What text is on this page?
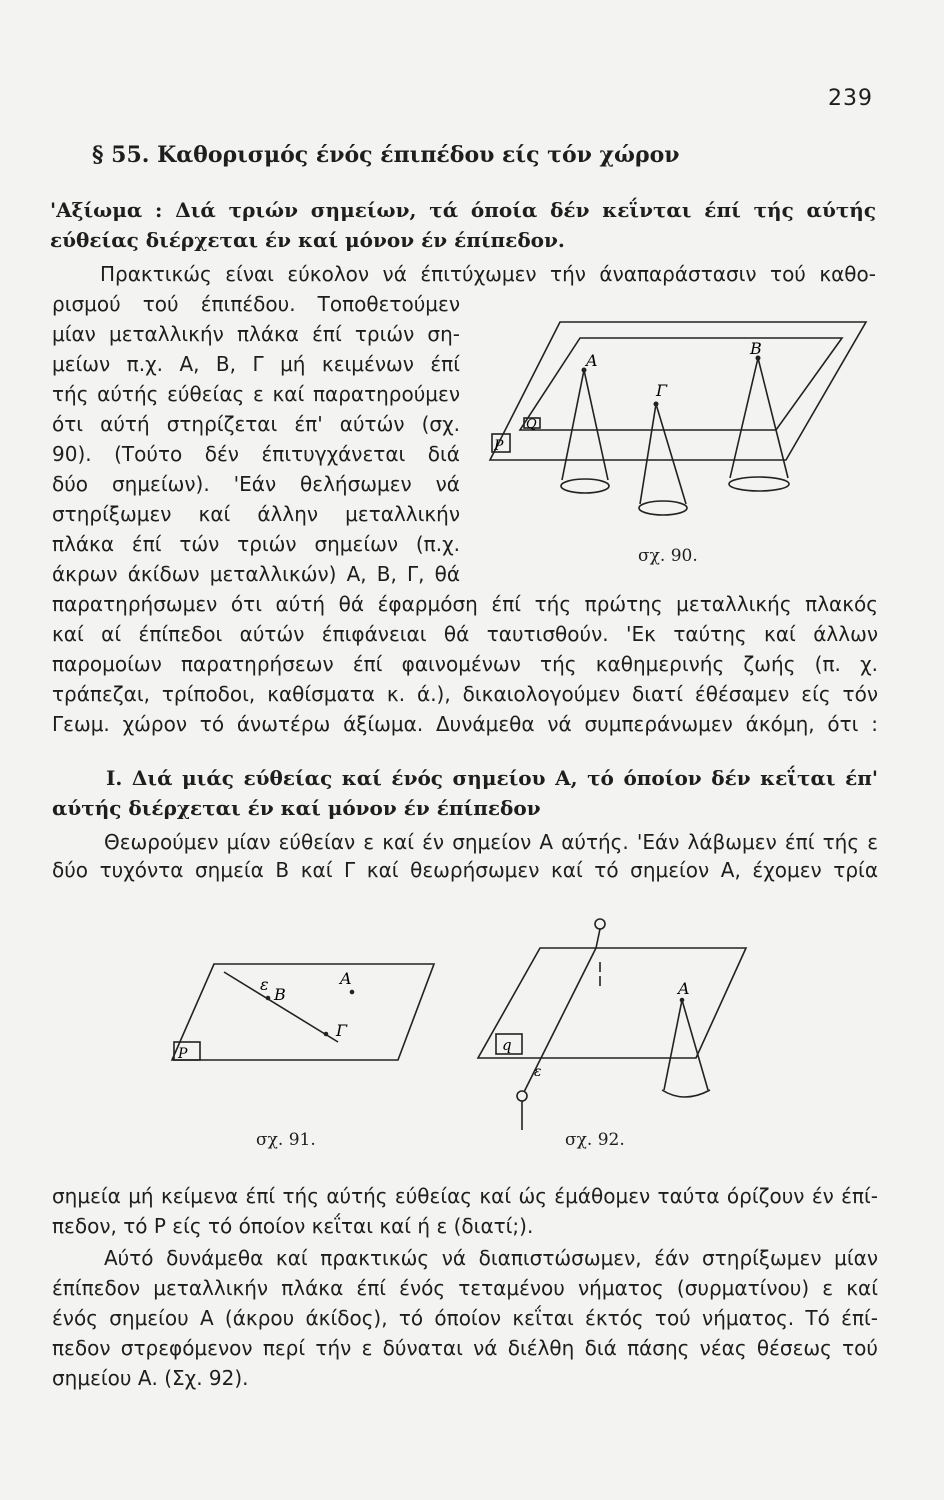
239
§ 55. Καθορισμός ένός έπιπέδου είς τόν χώρον
'Αξίωμα : Διά τριών σημείων, τά όποία δέν κεΐνται έπί τής αύτής
εύθείας διέρχεται έν καί μόνον έν έπίπεδον.
Πρακτικώς είναι εύκολον νά έπιτύχωμεν τήν άναπαράστασιν τού καθο-
ρισμού τού έπιπέδου. Τοποθετούμεν
μίαν μεταλλικήν πλάκα έπί τριών ση-
μείων π.χ. Α, Β, Γ μή κειμένων έπί
τής αύτής εύθείας ε καί παρατηρούμεν
ότι αύτή στηρίζεται έπ' αύτών (σχ.
90). (Τούτο δέν έπιτυγχάνεται διά
δύο σημείων). 'Εάν θελήσωμεν νά
στηρίξωμεν καί άλλην μεταλλικήν
πλάκα έπί τών τριών σημείων (π.χ.
άκρων άκίδων μεταλλικών) Α, Β, Γ, θά
παρατηρήσωμεν ότι αύτή θά έφαρμόση έπί τής πρώτης μεταλλικής πλακός
καί αί έπίπεδοι αύτών έπιφάνειαι θά ταυτισθούν. 'Εκ ταύτης καί άλλων
παρομοίων παρατηρήσεων έπί φαινομένων τής καθημερινής ζωής (π. χ.
τράπεζαι, τρίποδοι, καθίσματα κ. ά.), δικαιολογούμεν διατί έθέσαμεν είς τόν
Γεωμ. χώρον τό άνωτέρω άξίωμα. Δυνάμεθα νά συμπεράνωμεν άκόμη, ότι :
Α
Β
Γ
Q
P
σχ. 90.
Ι. Διά μιάς εύθείας καί ένός σημείου Α, τό όποίον δέν κεΐται έπ'
αύτής διέρχεται έν καί μόνον έν έπίπεδον
Θεωρούμεν μίαν εύθείαν ε καί έν σημείον Α αύτής. 'Εάν λάβωμεν έπί τής ε
δύο τυχόντα σημεία Β καί Γ καί θεωρήσωμεν καί τό σημείον Α, έχομεν τρία
ε
Β
Α
Γ
P
σχ. 91.
Α
q
ε
σχ. 92.
σημεία μή κείμενα έπί τής αύτής εύθείας καί ώς έμάθομεν ταύτα όρίζουν έν έπί-
πεδον, τό Ρ είς τό όποίον κεΐται καί ή ε (διατί;).
Αύτό δυνάμεθα καί πρακτικώς νά διαπιστώσωμεν, έάν στηρίξωμεν μίαν
έπίπεδον μεταλλικήν πλάκα έπί ένός τεταμένου νήματος (συρματίνου) ε καί
ένός σημείου Α (άκρου άκίδος), τό όποίον κεΐται έκτός τού νήματος. Τό έπί-
πεδον στρεφόμενον περί τήν ε δύναται νά διέλθη διά πάσης νέας θέσεως τού
σημείου Α. (Σχ. 92).
